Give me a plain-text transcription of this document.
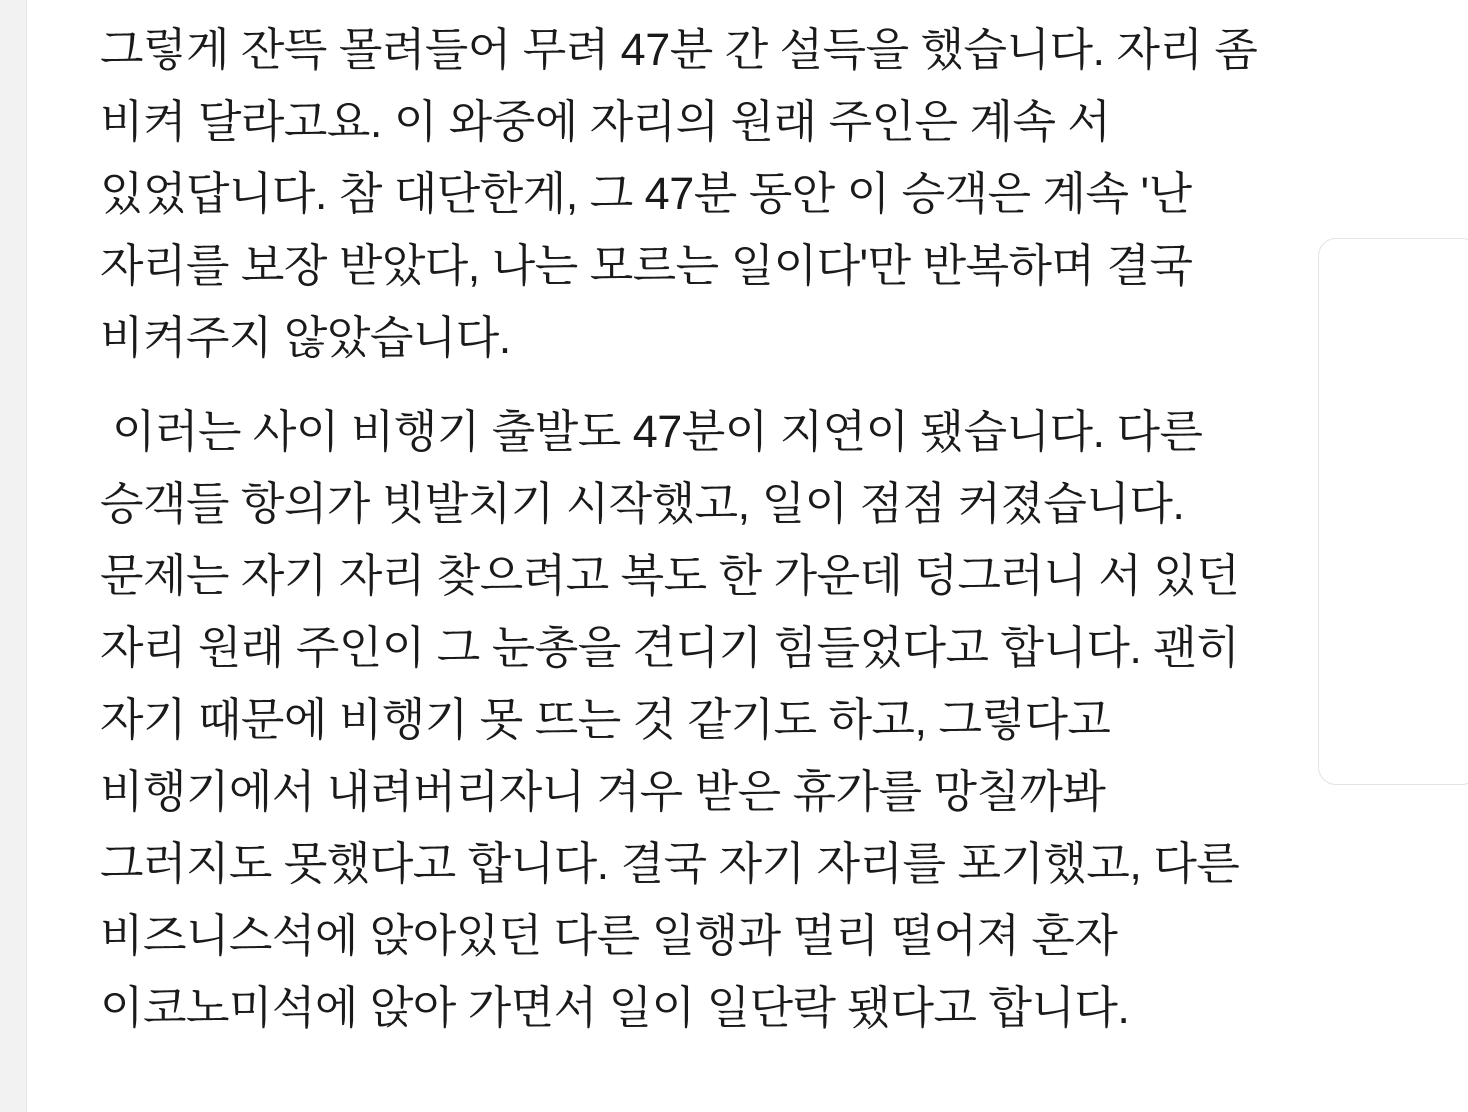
그렇게 잔뜩 몰려들어 무려 47분 간 설득을 했습니다. 자리 좀 비켜 달라고요. 이 와중에 자리의 원래 주인은 계속 서 있었답니다. 참 대단한게, 그 47분 동안 이 승객은 계속 '난 자리를 보장 받았다, 나는 모르는 일이다'만 반복하며 결국 비켜주지 않았습니다.

이러는 사이 비행기 출발도 47분이 지연이 됐습니다. 다른 승객들 항의가 빗발치기 시작했고, 일이 점점 커졌습니다. 문제는 자기 자리 찾으려고 복도 한 가운데 덩그러니 서 있던 자리 원래 주인이 그 눈총을 견디기 힘들었다고 합니다. 괜히 자기 때문에 비행기 못 뜨는 것 같기도 하고, 그렇다고 비행기에서 내려버리자니 겨우 받은 휴가를 망칠까봐 그러지도 못했다고 합니다. 결국 자기 자리를 포기했고, 다른 비즈니스석에 앉아있던 다른 일행과 멀리 떨어져 혼자 이코노미석에 앉아 가면서 일이 일단락 됐다고 합니다.
